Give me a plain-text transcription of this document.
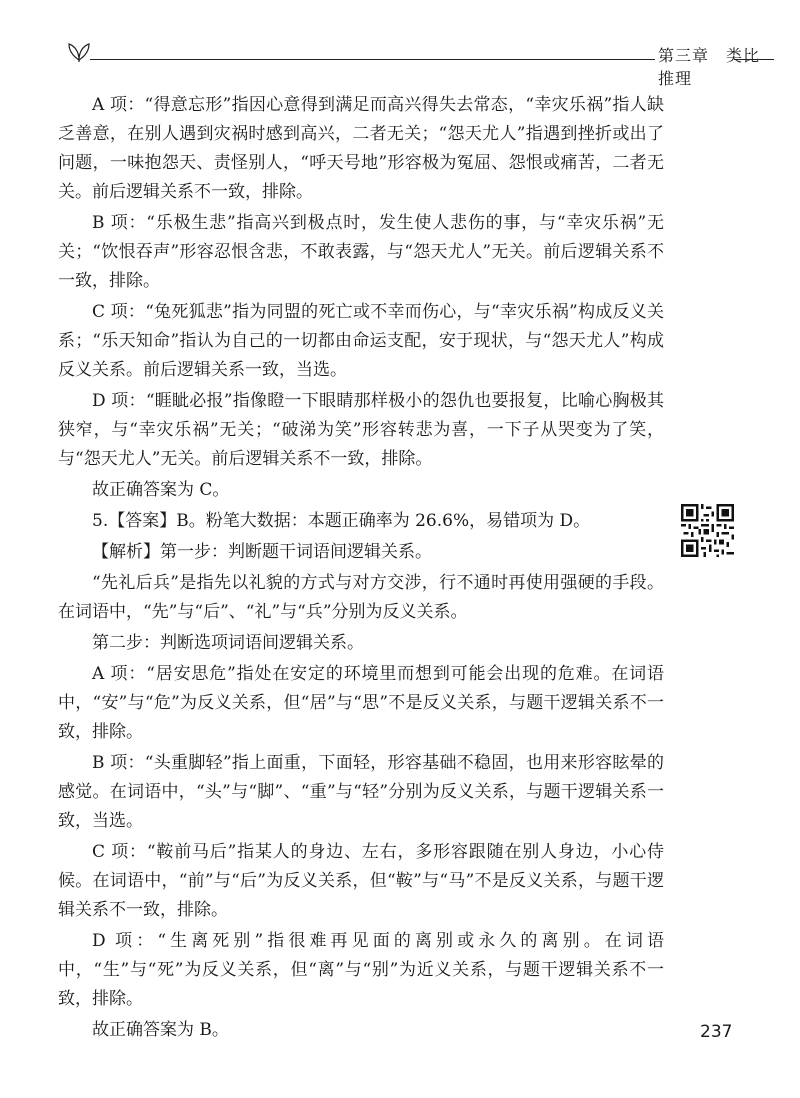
第三章　类比推理

A 项：“得意忘形”指因心意得到满足而高兴得失去常态，“幸灾乐祸”指人缺乏善意，在别人遇到灾祸时感到高兴，二者无关；“怨天尤人”指遇到挫折或出了问题，一味抱怨天、责怪别人，“呼天号地”形容极为冤屈、怨恨或痛苦，二者无关。前后逻辑关系不一致，排除。

B 项：“乐极生悲”指高兴到极点时，发生使人悲伤的事，与“幸灾乐祸”无关；“饮恨吞声”形容忍恨含悲，不敢表露，与“怨天尤人”无关。前后逻辑关系不一致，排除。

C 项：“兔死狐悲”指为同盟的死亡或不幸而伤心，与“幸灾乐祸”构成反义关系；“乐天知命”指认为自己的一切都由命运支配，安于现状，与“怨天尤人”构成反义关系。前后逻辑关系一致，当选。

D 项：“睚眦必报”指像瞪一下眼睛那样极小的怨仇也要报复，比喻心胸极其狭窄，与“幸灾乐祸”无关；“破涕为笑”形容转悲为喜，一下子从哭变为了笑，与“怨天尤人”无关。前后逻辑关系不一致，排除。

故正确答案为 C。

5.【答案】B。粉笔大数据：本题正确率为 26.6%，易错项为 D。

【解析】第一步：判断题干词语间逻辑关系。

“先礼后兵”是指先以礼貌的方式与对方交涉，行不通时再使用强硬的手段。在词语中，“先”与“后”、“礼”与“兵”分别为反义关系。

第二步：判断选项词语间逻辑关系。

A 项：“居安思危”指处在安定的环境里而想到可能会出现的危难。在词语中，“安”与“危”为反义关系，但“居”与“思”不是反义关系，与题干逻辑关系不一致，排除。

B 项：“头重脚轻”指上面重，下面轻，形容基础不稳固，也用来形容眩晕的感觉。在词语中，“头”与“脚”、“重”与“轻”分别为反义关系，与题干逻辑关系一致，当选。

C 项：“鞍前马后”指某人的身边、左右，多形容跟随在别人身边，小心侍候。在词语中，“前”与“后”为反义关系，但“鞍”与“马”不是反义关系，与题干逻辑关系不一致，排除。

D 项：“生离死别”指很难再见面的离别或永久的离别。在词语中，“生”与“死”为反义关系，但“离”与“别”为近义关系，与题干逻辑关系不一致，排除。

故正确答案为 B。	237
